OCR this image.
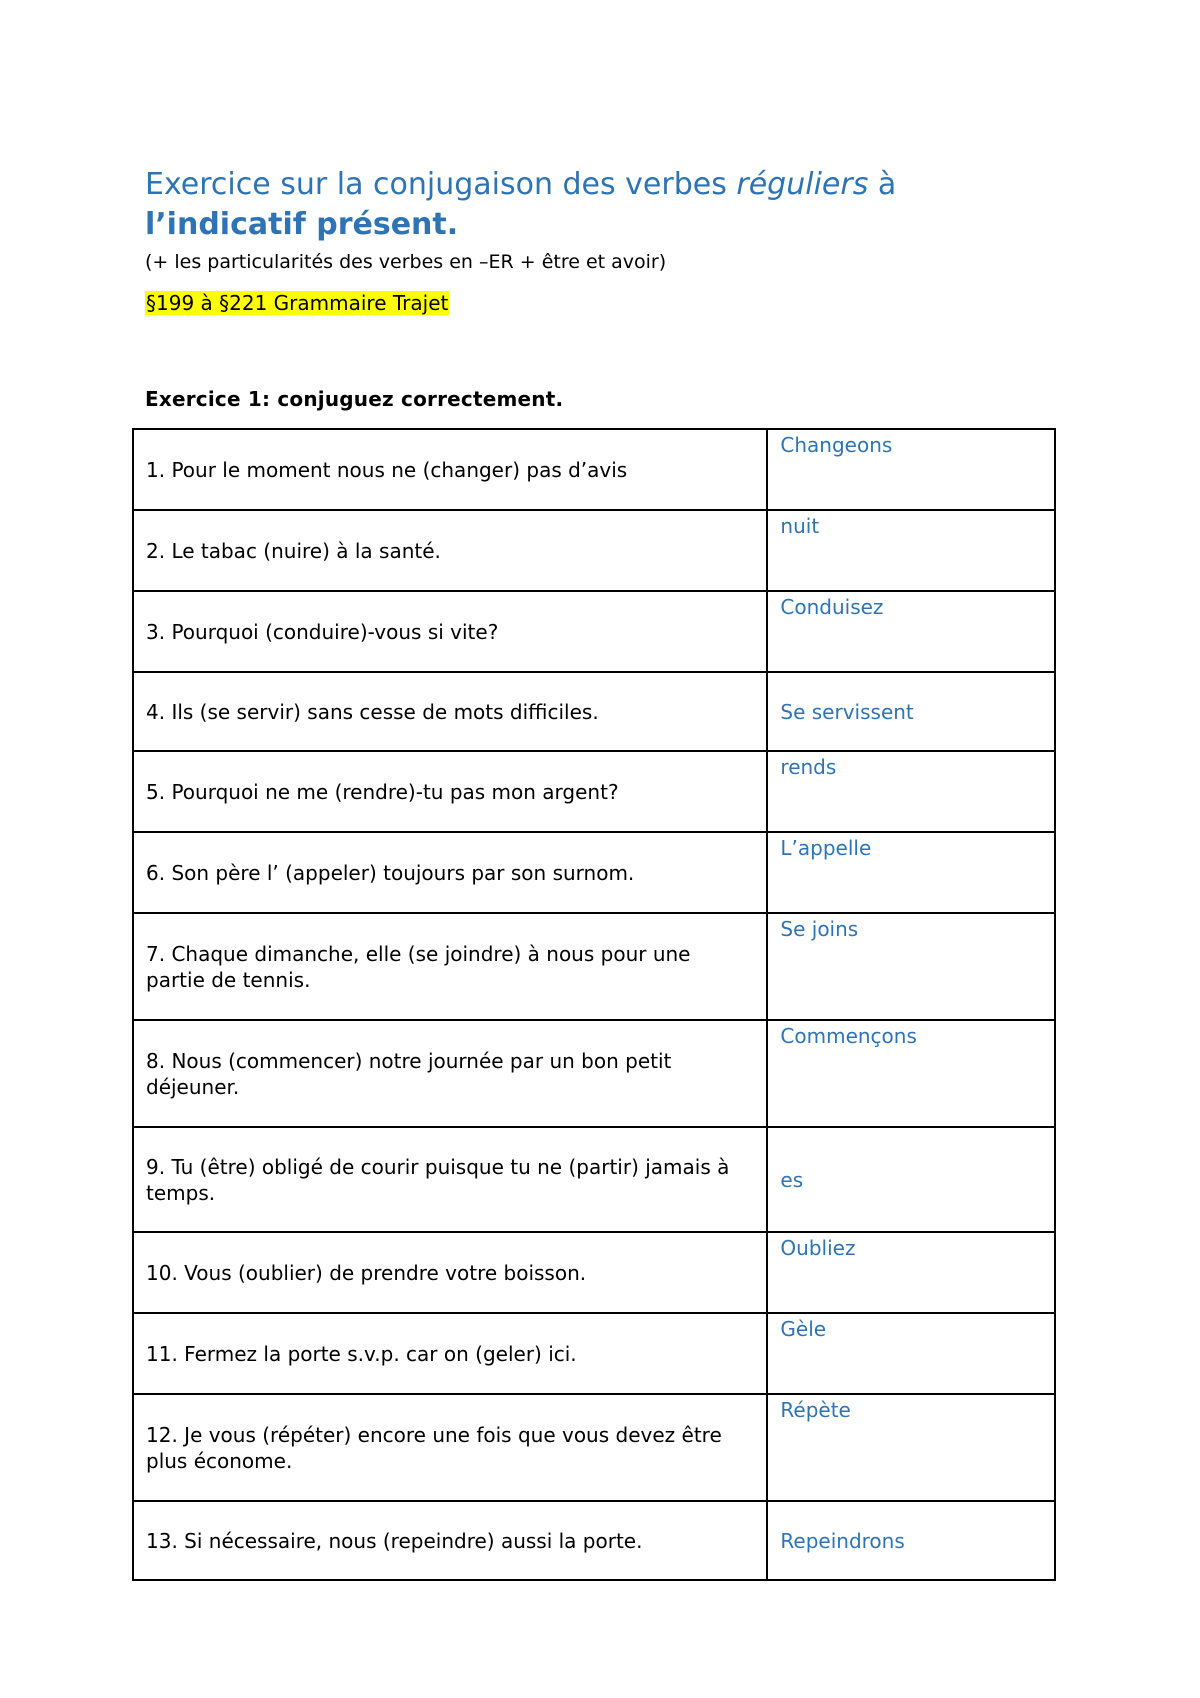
Exercice sur la conjugaison des verbes réguliers à
l’indicatif présent.
(+ les particularités des verbes en –ER + être et avoir)
§199 à §221 Grammaire Trajet
Exercice 1: conjuguez correctement.
1. Pour le moment nous ne (changer) pas d’avis	Changeons
2. Le tabac (nuire) à la santé.	nuit
3. Pourquoi (conduire)-vous si vite?	Conduisez
4. Ils (se servir) sans cesse de mots difficiles.	Se servissent
5. Pourquoi ne me (rendre)-tu pas mon argent?	rends
6. Son père l’ (appeler) toujours par son surnom.	L’appelle
7. Chaque dimanche, elle (se joindre) à nous pour une partie de tennis.	Se joins
8. Nous (commencer) notre journée par un bon petit déjeuner.	Commençons
9. Tu (être) obligé de courir puisque tu ne (partir) jamais à temps.	es
10. Vous (oublier) de prendre votre boisson.	Oubliez
11. Fermez la porte s.v.p. car on (geler) ici.	Gèle
12. Je vous (répéter) encore une fois que vous devez être plus économe.	Répète
13. Si nécessaire, nous (repeindre) aussi la porte.	Repeindrons
